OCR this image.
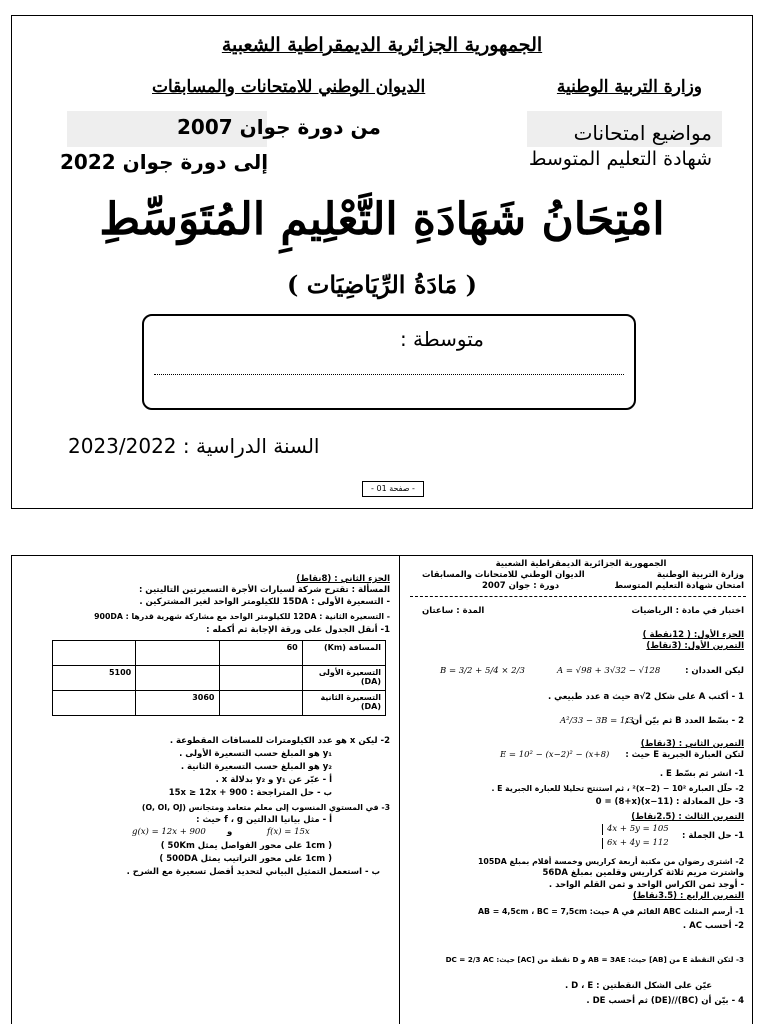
الجمهورية الجزائرية الديمقراطية الشعبية
وزارة التربية الوطنية
الديوان الوطني للامتحانات والمسابقات
مواضيع امتحانات
شهادة التعليم المتوسط
من دورة جوان 2007
إلى دورة جوان 2022
امْتِحَانُ شَهَادَةِ التَّعْلِيمِ المُتَوَسِّطِ
( مَادَةُ الرِّيَاضِيَات )
متوسطة :
السنة الدراسية : 2023/2022
- صفحة 01 -
الجمهورية الجزائرية الديمقراطية الشعبية
وزارة التربية الوطنية
الديوان الوطني للامتحانات والمسابقات
امتحان شهادة التعليم المتوسط
دورة : جوان 2007
اختبار في مادة : الرياضيات
المدة : ساعتان
الجزء الأول: ( 12نقطة )
التمرين الأول: (3نقاط)
ليكن العددان :
A = √98 + 3√32 − √128
B = 3/2 + 5/4 × 2/3
1 - أكتب A على شكل a√2 حيث a عدد طبيعي .
2 - بسّط العدد B ثم بيّن أن :
A²/33 − 3B = 1/3
التمرين الثاني : (3نقاط)
لتكن العبارة الجبرية E حيث :
E = 10² − (x−2)² − (x+8)
1- انشر ثم بسّط E .
2- حلّل العبارة 10² − (x−2)² ، ثم استنتج تحليلا للعبارة الجبرية E .
3- حل المعادلة : (11−x)(8+x) = 0
التمرين الثالث : (2.5نقاط)
1- حل الجملة :
4x + 5y = 105
6x + 4y = 112
2- اشترى رضوان من مكتبة أربعة كراريس وخمسة أقلام بمبلغ 105DA
واشترت مريم ثلاثة كراريس وقلمين بمبلغ 56DA
- أوجد ثمن الكراس الواحد و ثمن القلم الواحد .
التمرين الرابع : (3.5نقاط)
1- أرسم المثلث ABC القائم في A حيث: AB = 4,5cm ، BC = 7,5cm
2- أحسب AC .
3- لتكن النقطة E من [AB] حيث: AB = 3AE و D نقطة من [AC] حيث: DC = 2/3 AC
عيّن على الشكل النقطتين : D ، E .
4 - بيّن أن (BC)//(DE) ثم أحسب DE .
الجزء الثاني : (8نقاط)
المسألة : تقترح شركة لسيارات الأجرة التسعيرتين التاليتين :
- التسعيرة الأولى : 15DA للكيلومتر الواحد لغير المشتركين .
- التسعيرة الثانية : 12DA للكيلومتر الواحد مع مشاركة شهرية قدرها : 900DA
1- أنقل الجدول على ورقة الإجابة ثم أكمله :
المسافة (Km)	60		
التسعيرة الأولى (DA)			5100
التسعيرة الثانية (DA)		3060	
2- ليكن x هو عدد الكيلومترات للمسافات المقطوعة .
y₁ هو المبلغ حسب التسعيرة الأولى .
y₂ هو المبلغ حسب التسعيرة الثانية .
أ - عبّر عن y₁ و y₂ بدلالة x .
ب - حل المتراجحة : 15x ≥ 12x + 900
3- في المستوي المنسوب إلى معلم متعامد ومتجانس (O, OI, OJ)
أ - مثل بيانيا الدالتين f ، g حيث :
f(x) = 15x
و
g(x) = 12x + 900
( 1cm على محور الفواصل يمثل 50Km )
( 1cm على محور التراتيب يمثل 500DA )
ب - استعمل التمثيل البياني لتحديد أفضل تسعيرة مع الشرح .
